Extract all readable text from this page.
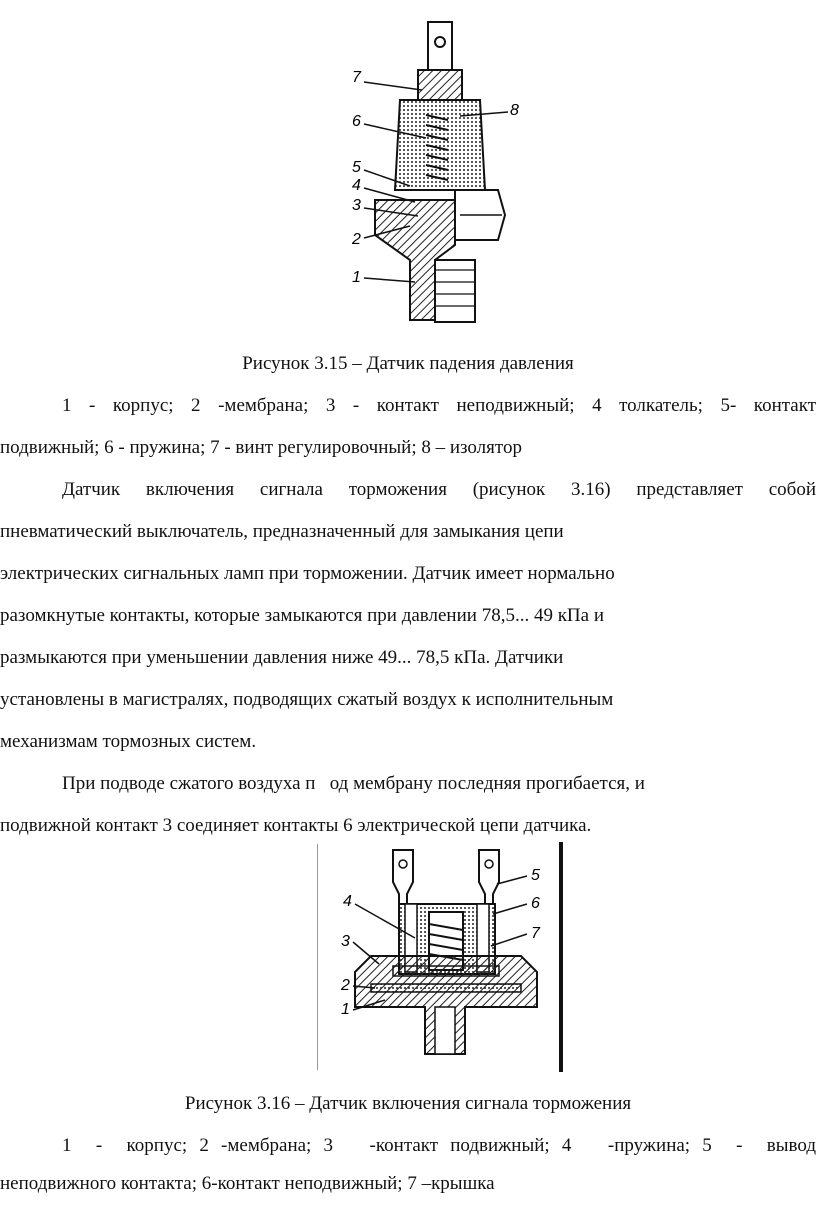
7
6
5
4
3
2
1
8
Рисунок 3.15 – Датчик падения давления
1 - корпус; 2 -мембрана; 3 - контакт неподвижный; 4 толкатель; 5- контакт
подвижный; 6 - пружина; 7 - винт регулировочный; 8 – изолятор
Датчик включения сигнала торможения (рисунок 3.16) представляет собой
пневматический выключатель, предназначенный для замыкания цепи
электрических сигнальных ламп при торможении. Датчик имеет нормально
разомкнутые контакты, которые замыкаются при давлении 78,5... 49 кПа и
размыкаются при уменьшении давления ниже 49... 78,5 кПа. Датчики
установлены в магистралях, подводящих сжатый воздух к исполнительным
механизмам тормозных систем.
При подводе сжатого воздуха п   од мембрану последняя прогибается, и
подвижной контакт 3 соединяет контакты 6 электрической цепи датчика.
4
3
2
1
5
6
7
Рисунок 3.16 – Датчик включения сигнала торможения
1  -  корпус; 2 -мембрана; 3   -контакт подвижный; 4   -пружина; 5  -  вывод
неподвижного контакта; 6-контакт неподвижный; 7 –крышка
